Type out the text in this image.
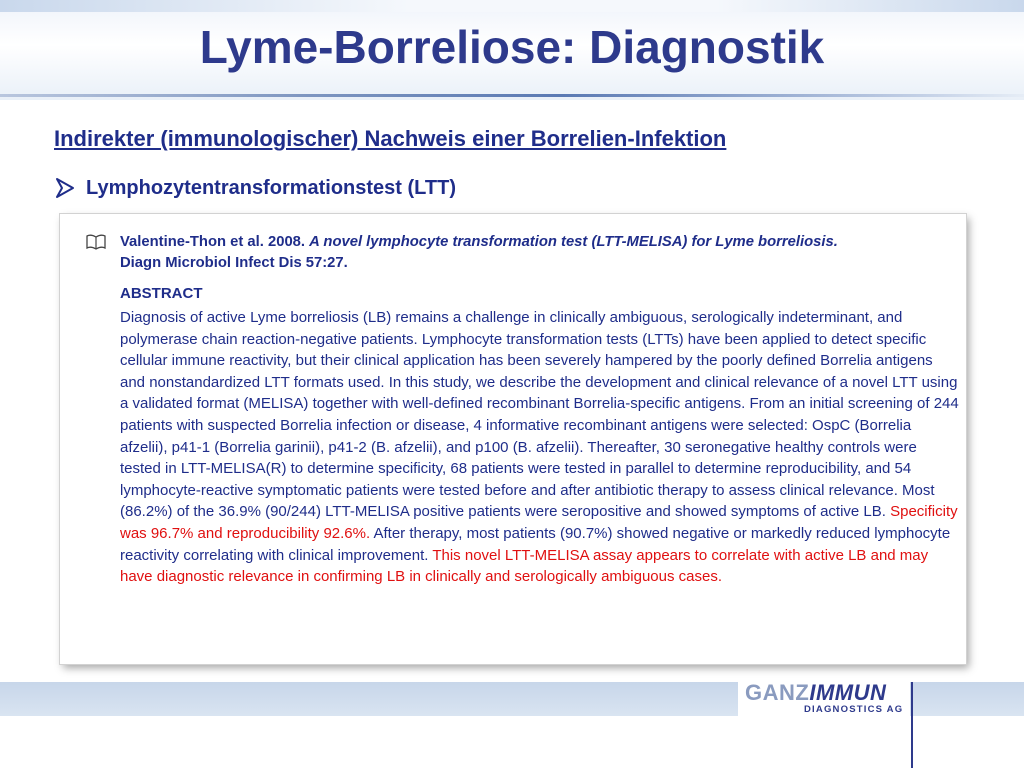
Lyme-Borreliose: Diagnostik
Indirekter (immunologischer) Nachweis einer Borrelien-Infektion
Lymphozytentransformationstest (LTT)
Valentine-Thon et al. 2008. A novel lymphocyte transformation test (LTT-MELISA) for Lyme borreliosis.
Diagn Microbiol Infect Dis 57:27.
ABSTRACT
Diagnosis of active Lyme borreliosis (LB) remains a challenge in clinically ambiguous, serologically indeterminant, and polymerase chain reaction-negative patients. Lymphocyte transformation tests (LTTs) have been applied to detect specific cellular immune reactivity, but their clinical application has been severely hampered by the poorly defined Borrelia antigens and nonstandardized LTT formats used. In this study, we describe the development and clinical relevance of a novel LTT using a validated format (MELISA) together with well-defined recombinant Borrelia-specific antigens. From an initial screening of 244 patients with suspected Borrelia infection or disease, 4 informative recombinant antigens were selected: OspC (Borrelia afzelii), p41-1 (Borrelia garinii), p41-2 (B. afzelii), and p100 (B. afzelii). Thereafter, 30 seronegative healthy controls were tested in LTT-MELISA(R) to determine specificity, 68 patients were tested in parallel to determine reproducibility, and 54 lymphocyte-reactive symptomatic patients were tested before and after antibiotic therapy to assess clinical relevance. Most (86.2%) of the 36.9% (90/244) LTT-MELISA positive patients were seropositive and showed symptoms of active LB. Specificity was 96.7% and reproducibility 92.6%. After therapy, most patients (90.7%) showed negative or markedly reduced lymphocyte reactivity correlating with clinical improvement. This novel LTT-MELISA assay appears to correlate with active LB and may have diagnostic relevance in confirming LB in clinically and serologically ambiguous cases.
GANZIMMUN
DIAGNOSTICS AG
